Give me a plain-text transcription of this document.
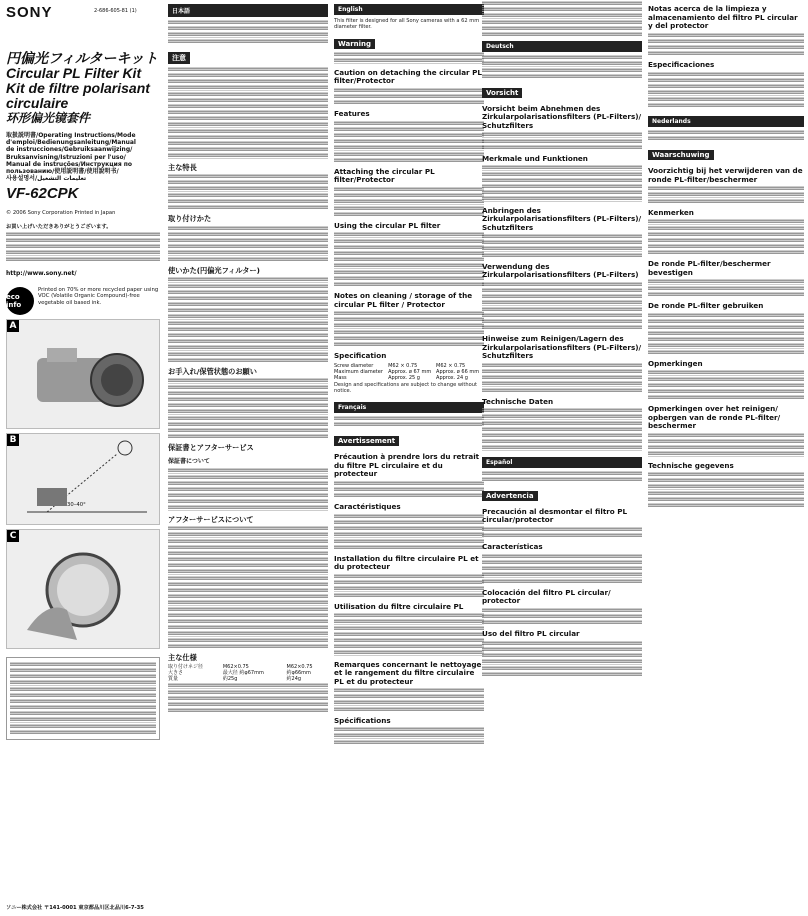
SONY	2-686-605-81 (1)
円偏光フィルターキット
Circular PL Filter Kit
Kit de filtre polarisant circulaire
环形偏光镜套件
取扱説明書/Operating Instructions/Mode
d'emploi/Bedienungsanleitung/Manual
de instrucciones/Gebruiksaanwijzing/
Bruksanvisning/Istruzioni per l'uso/
Manual de instruções/Инструкция по
пользованию/使用説明書/使用說明书/
사용설명서/تعليمات التشغيل
VF-62CPK
© 2006 Sony Corporation Printed in Japan
お買い上げいただきありがとうございます。
http://www.sony.net/
eco info
Printed on 70% or more recycled paper using VOC (Volatile Organic Compound)-free vegetable oil based ink.
A
B
30–40°
C
ソニー株式会社 〒141-0001 東京都品川区北品川6-7-35
日本語
注意
主な特長
取り付けかた
使いかた(円偏光フィルター)
お手入れ/保管状態のお願い
保証書とアフターサービス
保証書について
アフターサービスについて
主な仕様
取り付けネジ径	M62×0.75	M62×0.75
大きさ	最大径 約φ67mm	約φ66mm
質量	約25g	約24g
English
This filter is designed for all Sony cameras with a 62 mm diameter filter.
Warning
Caution on detaching the circular PL filter/Protector
Features
Attaching the circular PL filter/Protector
Using the circular PL filter
Notes on cleaning / storage of the circular PL filter / Protector
Specification
Screw diameter	M62 × 0.75	M62 × 0.75
Maximum diameter	Approx. ø 67 mm	Approx. ø 66 mm
Mass	Approx. 25 g	Approx. 24 g
Design and specifications are subject to change without notice.
Français
Avertissement
Précaution à prendre lors du retrait du filtre PL circulaire et du protecteur
Caractéristiques
Installation du filtre circulaire PL et du protecteur
Utilisation du filtre circulaire PL
Remarques concernant le nettoyage et le rangement du filtre circulaire PL et du protecteur
Spécifications
Deutsch
Vorsicht
Vorsicht beim Abnehmen des Zirkularpolarisationsfilters (PL-Filters)/ Schutzfilters
Merkmale und Funktionen
Anbringen des Zirkularpolarisationsfilters (PL-Filters)/ Schutzfilters
Verwendung des Zirkularpolarisationsfilters (PL-Filters)
Hinweise zum Reinigen/Lagern des Zirkularpolarisationsfilters (PL-Filters)/ Schutzfilters
Technische Daten
Español
Advertencia
Precaución al desmontar el filtro PL circular/protector
Características
Colocación del filtro PL circular/ protector
Uso del filtro PL circular
Notas acerca de la limpieza y almacenamiento del filtro PL circular y del protector
Especificaciones
Nederlands
Waarschuwing
Voorzichtig bij het verwijderen van de ronde PL-filter/beschermer
Kenmerken
De ronde PL-filter/beschermer bevestigen
De ronde PL-filter gebruiken
Opmerkingen
Opmerkingen over het reinigen/ opbergen van de ronde PL-filter/ beschermer
Technische gegevens
